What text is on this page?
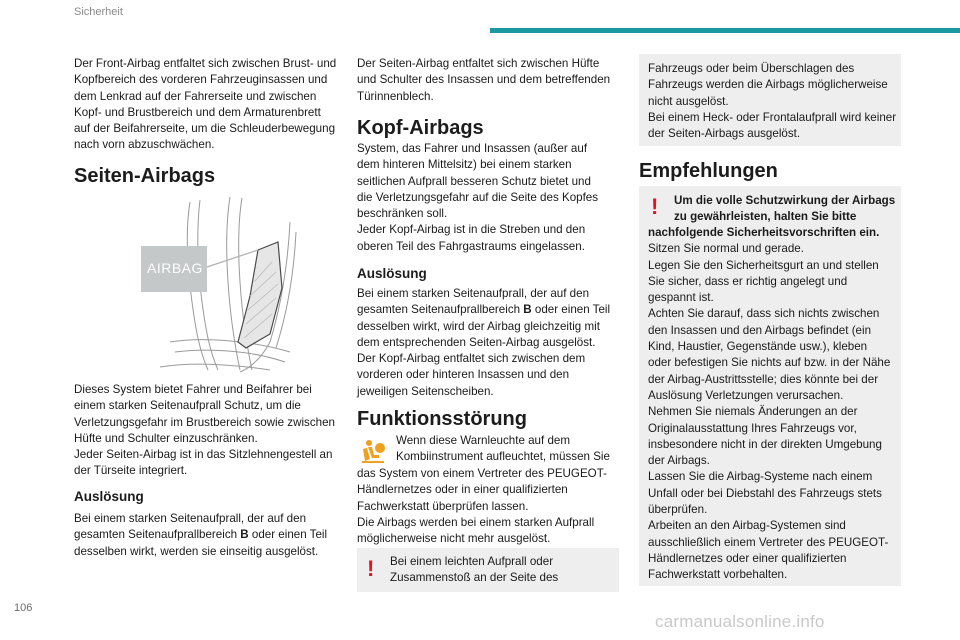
Sicherheit
Der Front-Airbag entfaltet sich zwischen Brust- und
Kopfbereich des vorderen Fahrzeuginsassen und
dem Lenkrad auf der Fahrerseite und zwischen
Kopf- und Brustbereich und dem Armaturenbrett
auf der Beifahrerseite, um die Schleuderbewegung
nach vorn abzuschwächen.
Seiten-Airbags
AIRBAG
Dieses System bietet Fahrer und Beifahrer bei
einem starken Seitenaufprall Schutz, um die
Verletzungsgefahr im Brustbereich sowie zwischen
Hüfte und Schulter einzuschränken.
Jeder Seiten-Airbag ist in das Sitzlehnengestell an
der Türseite integriert.
Auslösung
Bei einem starken Seitenaufprall, der auf den
gesamten Seitenaufprallbereich B oder einen Teil
desselben wirkt, werden sie einseitig ausgelöst.
Der Seiten-Airbag entfaltet sich zwischen Hüfte
und Schulter des Insassen und dem betreffenden
Türinnenblech.
Kopf-Airbags
System, das Fahrer und Insassen (außer auf
dem hinteren Mittelsitz) bei einem starken
seitlichen Aufprall besseren Schutz bietet und
die Verletzungsgefahr auf die Seite des Kopfes
beschränken soll.
Jeder Kopf-Airbag ist in die Streben und den
oberen Teil des Fahrgastraums eingelassen.
Auslösung
Bei einem starken Seitenaufprall, der auf den
gesamten Seitenaufprallbereich B oder einen Teil
desselben wirkt, wird der Airbag gleichzeitig mit
dem entsprechenden Seiten-Airbag ausgelöst.
Der Kopf-Airbag entfaltet sich zwischen dem
vorderen oder hinteren Insassen und den
jeweiligen Seitenscheiben.
Funktionsstörung
Wenn diese Warnleuchte auf dem
Kombiinstrument aufleuchtet, müssen Sie
das System von einem Vertreter des PEUGEOT-
Händlernetzes oder in einer qualifizierten
Fachwerkstatt überprüfen lassen.
Die Airbags werden bei einem starken Aufprall
möglicherweise nicht mehr ausgelöst.
! Bei einem leichten Aufprall oder
Zusammenstoß an der Seite des
Fahrzeugs oder beim Überschlagen des
Fahrzeugs werden die Airbags möglicherweise
nicht ausgelöst.
Bei einem Heck- oder Frontalaufprall wird keiner
der Seiten-Airbags ausgelöst.
Empfehlungen
! Um die volle Schutzwirkung der Airbags
zu gewährleisten, halten Sie bitte
nachfolgende Sicherheitsvorschriften ein.
Sitzen Sie normal und gerade.
Legen Sie den Sicherheitsgurt an und stellen
Sie sicher, dass er richtig angelegt und
gespannt ist.
Achten Sie darauf, dass sich nichts zwischen
den Insassen und den Airbags befindet (ein
Kind, Haustier, Gegenstände usw.), kleben
oder befestigen Sie nichts auf bzw. in der Nähe
der Airbag-Austrittsstelle; dies könnte bei der
Auslösung Verletzungen verursachen.
Nehmen Sie niemals Änderungen an der
Originalausstattung Ihres Fahrzeugs vor,
insbesondere nicht in der direkten Umgebung
der Airbags.
Lassen Sie die Airbag-Systeme nach einem
Unfall oder bei Diebstahl des Fahrzeugs stets
überprüfen.
Arbeiten an den Airbag-Systemen sind
ausschließlich einem Vertreter des PEUGEOT-
Händlernetzes oder einer qualifizierten
Fachwerkstatt vorbehalten.
106
carmanualsonline.info
